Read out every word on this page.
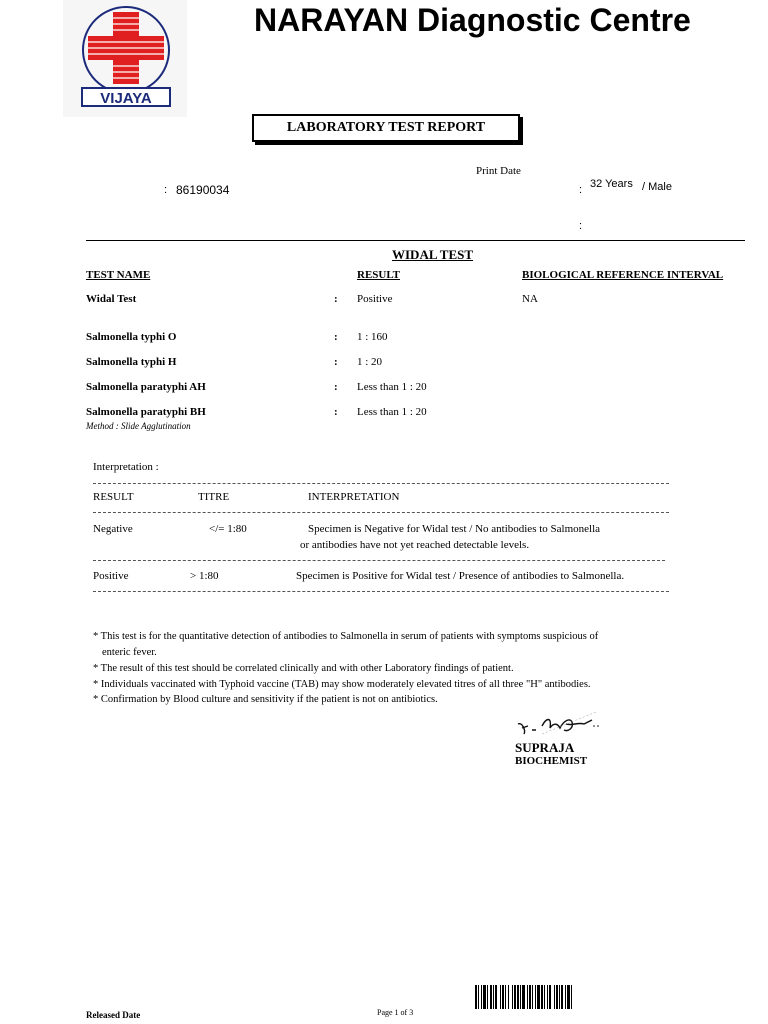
VIJAYA
NARAYAN Diagnostic Centre
LABORATORY TEST REPORT
: 86190034
Print Date
: 32 Years / Male
:
WIDAL TEST
TEST NAME	RESULT	BIOLOGICAL REFERENCE INTERVAL
Widal Test	: Positive	NA
Salmonella typhi O	: 1 : 160
Salmonella typhi H	: 1 : 20
Salmonella paratyphi AH	: Less than 1 : 20
Salmonella paratyphi BH	: Less than 1 : 20
Method : Slide Agglutination
Interpretation :
RESULT	TITRE	INTERPRETATION
Negative	</= 1:80	Specimen is Negative for Widal test / No antibodies to Salmonella
or antibodies have not yet reached detectable levels.
Positive	> 1:80	Specimen is Positive for Widal test / Presence of antibodies to Salmonella.
* This test is for the quantitative detection of antibodies to Salmonella in serum of patients with symptoms suspicious of
enteric fever.
* The result of this test should be correlated clinically and with other Laboratory findings of patient.
* Individuals vaccinated with Typhoid vaccine (TAB) may show moderately elevated titres of all three "H" antibodies.
* Confirmation by Blood culture and sensitivity if the patient is not on antibiotics.
SUPRAJA
BIOCHEMIST
Released Date	Page 1 of 3
